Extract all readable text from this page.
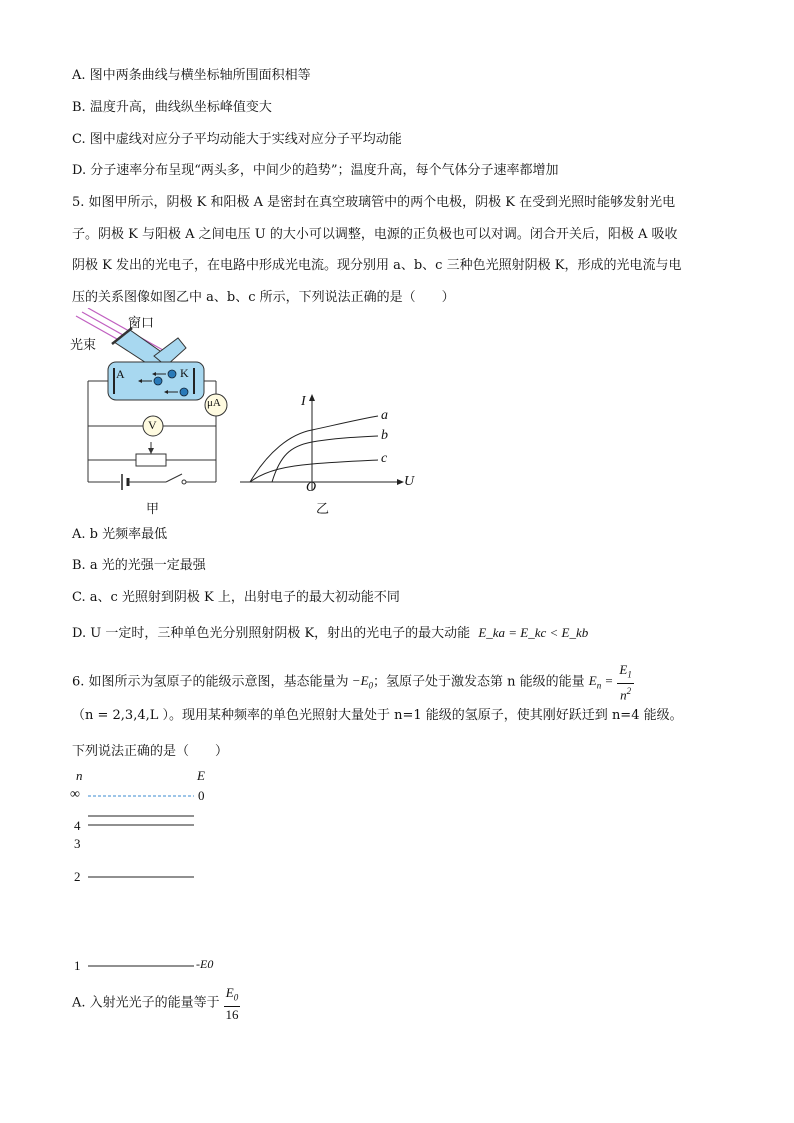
A. 图中两条曲线与横坐标轴所围面积相等
B. 温度升高，曲线纵坐标峰值变大
C. 图中虚线对应分子平均动能大于实线对应分子平均动能
D. 分子速率分布呈现“两头多，中间少的趋势”；温度升高，每个气体分子速率都增加
5. 如图甲所示，阴极 K 和阳极 A 是密封在真空玻璃管中的两个电极，阴极 K 在受到光照时能够发射光电
子。阴极 K 与阳极 A 之间电压 U 的大小可以调整，电源的正负极也可以对调。闭合开关后，阳极 A 吸收
阴极 K 发出的光电子，在电路中形成光电流。现分别用 a、b、c 三种色光照射阴极 K，形成的光电流与电
压的关系图像如图乙中 a、b、c 所示，下列说法正确的是（　　）
窗口
光束
A	K
μA
V
甲
I
U
O
a
b
c
乙
A. b 光频率最低
B. a 光的光强一定最强
C. a、c 光照射到阴极 K 上，出射电子的最大初动能不同
D. U 一定时，三种单色光分别照射阴极 K，射出的光电子的最大动能 E_ka = E_kc < E_kb
6. 如图所示为氢原子的能级示意图，基态能量为 $-E_0$；氢原子处于激发态第 n 能级的能量 $E_n = \frac{E_1}{n^2}$
（n = 2,3,4,L ）。现用某种频率的单色光照射大量处于 n=1 能级的氢原子，使其刚好跃迁到 n=4 能级。
下列说法正确的是（　　）
n	E
∞	0
4
3
2
1	-E0
A. 入射光光子的能量等于 $\frac{E_0}{16}$
